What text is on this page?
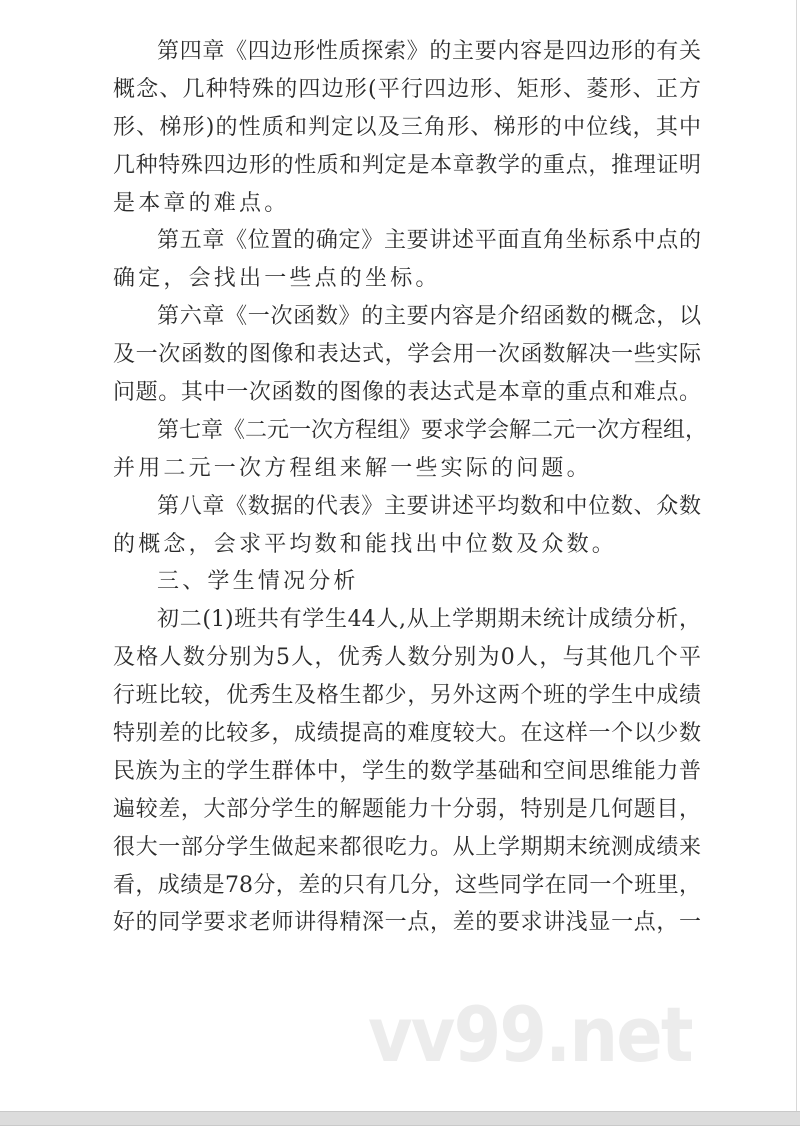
第四章《四边形性质探索》的主要内容是四边形的有关
概念、几种特殊的四边形(平行四边形、矩形、菱形、正方
形、梯形)的性质和判定以及三角形、梯形的中位线，其中
几种特殊四边形的性质和判定是本章教学的重点，推理证明
是本章的难点。
第五章《位置的确定》主要讲述平面直角坐标系中点的
确定，会找出一些点的坐标。
第六章《一次函数》的主要内容是介绍函数的概念，以
及一次函数的图像和表达式，学会用一次函数解决一些实际
问题。其中一次函数的图像的表达式是本章的重点和难点。
第七章《二元一次方程组》要求学会解二元一次方程组，
并用二元一次方程组来解一些实际的问题。
第八章《数据的代表》主要讲述平均数和中位数、众数
的概念，会求平均数和能找出中位数及众数。
三、学生情况分析
初二(1)班共有学生44人,从上学期期未统计成绩分析，
及格人数分别为5人，优秀人数分别为0人，与其他几个平
行班比较，优秀生及格生都少，另外这两个班的学生中成绩
特别差的比较多，成绩提高的难度较大。在这样一个以少数
民族为主的学生群体中，学生的数学基础和空间思维能力普
遍较差，大部分学生的解题能力十分弱，特别是几何题目，
很大一部分学生做起来都很吃力。从上学期期末统测成绩来
看，成绩是78分，差的只有几分，这些同学在同一个班里，
好的同学要求老师讲得精深一点，差的要求讲浅显一点，一
vv99.net
